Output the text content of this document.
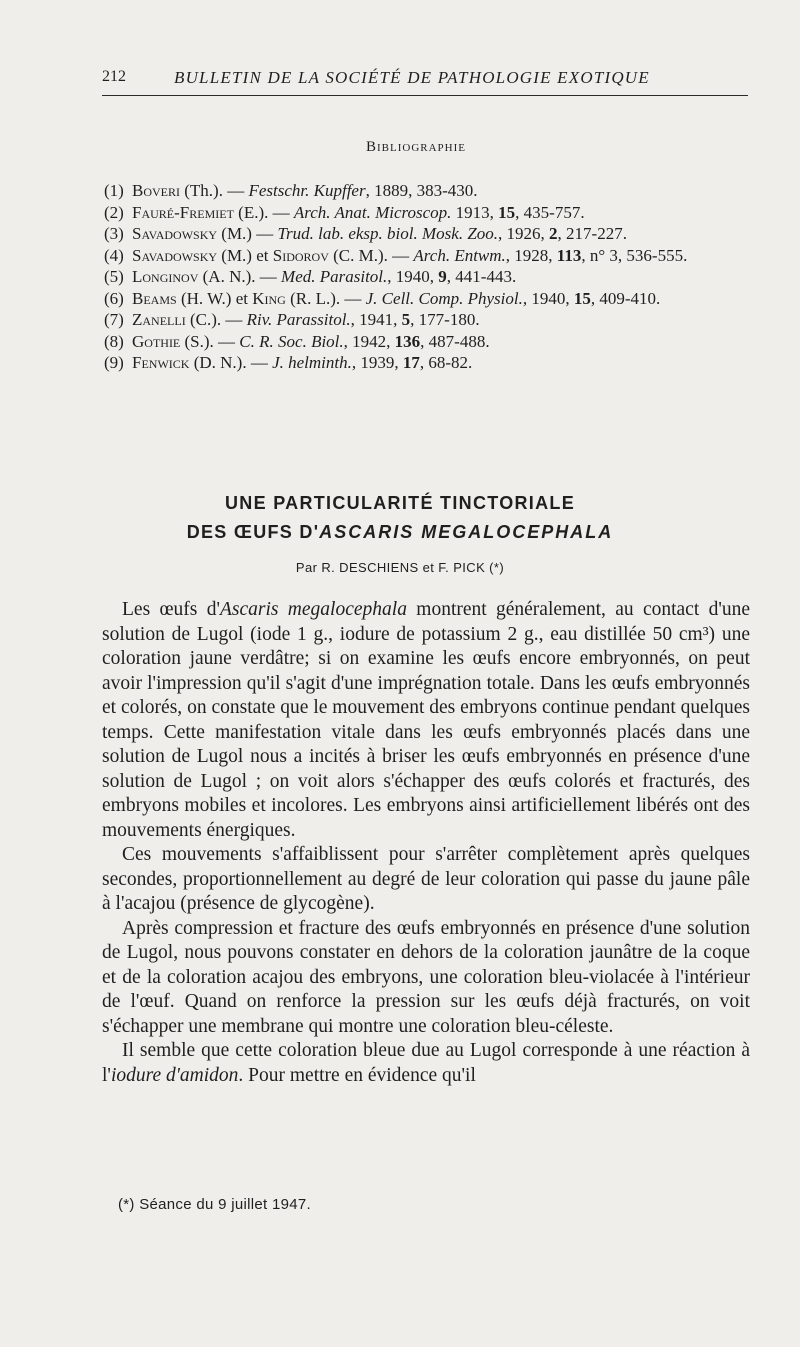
212	BULLETIN DE LA SOCIÉTÉ DE PATHOLOGIE EXOTIQUE
Bibliographie
(1) Boveri (Th.). — Festschr. Kupffer, 1889, 383-430.
(2) Fauré-Fremiet (E.). — Arch. Anat. Microscop. 1913, 15, 435-757.
(3) Savadowsky (M.) — Trud. lab. eksp. biol. Mosk. Zoo., 1926, 2, 217-227.
(4) Savadowsky (M.) et Sidorov (C. M.). — Arch. Entwm., 1928, 113, n° 3, 536-555.
(5) Longinov (A. N.). — Med. Parasitol., 1940, 9, 441-443.
(6) Beams (H. W.) et King (R. L.). — J. Cell. Comp. Physiol., 1940, 15, 409-410.
(7) Zanelli (C.). — Riv. Parassitol., 1941, 5, 177-180.
(8) Gothie (S.). — C. R. Soc. Biol., 1942, 136, 487-488.
(9) Fenwick (D. N.). — J. helminth., 1939, 17, 68-82.
UNE PARTICULARITÉ TINCTORIALE
DES ŒUFS D'ASCARIS MEGALOCEPHALA
Par R. DESCHIENS et F. PICK (*)

Les œufs d'Ascaris megalocephala montrent généralement, au contact d'une solution de Lugol (iode 1 g., iodure de potassium 2 g., eau distillée 50 cm³) une coloration jaune verdâtre; si on examine les œufs encore embryonnés, on peut avoir l'impression qu'il s'agit d'une imprégnation totale. Dans les œufs embryonnés et colorés, on constate que le mouvement des embryons continue pendant quelques temps. Cette manifestation vitale dans les œufs embryonnés placés dans une solution de Lugol nous a incités à briser les œufs embryonnés en présence d'une solution de Lugol ; on voit alors s'échapper des œufs colorés et fracturés, des embryons mobiles et incolores. Les embryons ainsi artificiellement libérés ont des mouvements énergiques.

Ces mouvements s'affaiblissent pour s'arrêter complètement après quelques secondes, proportionnellement au degré de leur coloration qui passe du jaune pâle à l'acajou (présence de glycogène).

Après compression et fracture des œufs embryonnés en présence d'une solution de Lugol, nous pouvons constater en dehors de la coloration jaunâtre de la coque et de la coloration acajou des embryons, une coloration bleu-violacée à l'intérieur de l'œuf. Quand on renforce la pression sur les œufs déjà fracturés, on voit s'échapper une membrane qui montre une coloration bleu-céleste.

Il semble que cette coloration bleue due au Lugol corresponde à une réaction à l'iodure d'amidon. Pour mettre en évidence qu'il

(*) Séance du 9 juillet 1947.
